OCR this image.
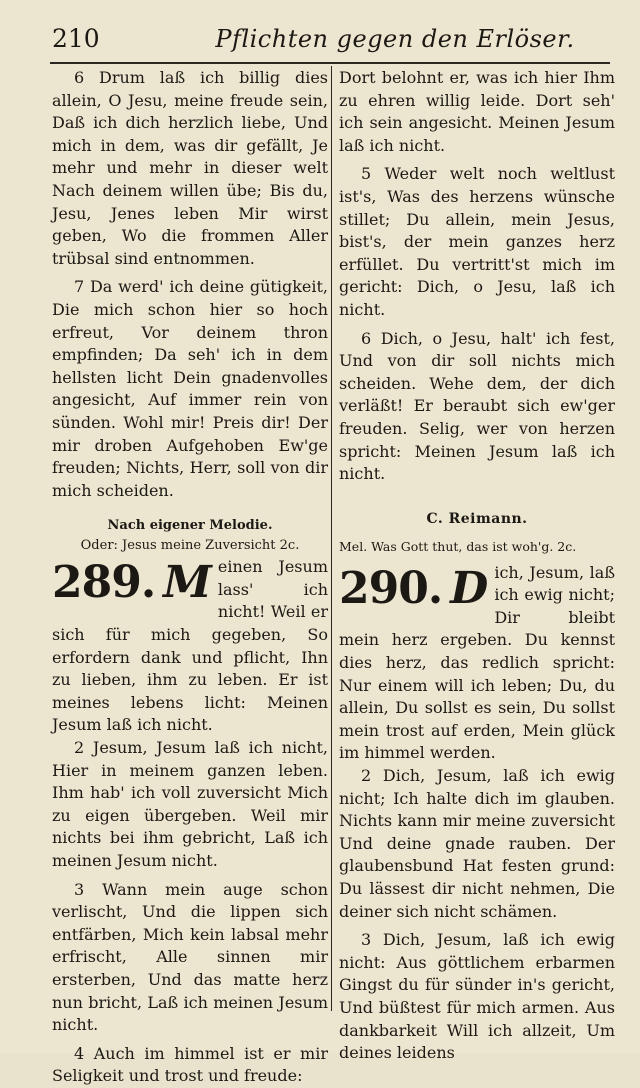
210	Pflichten gegen den Erlöser.

6 Drum laß ich billig dies allein, O Jesu, meine freude sein, Daß ich dich herzlich liebe, Und mich in dem, was dir gefällt, Je mehr und mehr in dieser welt Nach deinem willen übe; Bis du, Jesu, Jenes leben Mir wirst geben, Wo die frommen Aller trübsal sind entnommen.

7 Da werd' ich deine gütigkeit, Die mich schon hier so hoch erfreut, Vor deinem thron empfinden; Da seh' ich in dem hellsten licht Dein gnadenvolles angesicht, Auf immer rein von sünden. Wohl mir! Preis dir! Der mir droben Aufgehoben Ew'ge freuden; Nichts, Herr, soll von dir mich scheiden.

Nach eigener Melodie.

Oder: Jesus meine Zuversicht 2c.

289. M einen Jesum lass' ich nicht! Weil er sich für mich gegeben, So erfordern dank und pflicht, Ihn zu lieben, ihm zu leben. Er ist meines lebens licht: Meinen Jesum laß ich nicht.

2 Jesum, Jesum laß ich nicht, Hier in meinem ganzen leben. Ihm hab' ich voll zuversicht Mich zu eigen übergeben. Weil mir nichts bei ihm gebricht, Laß ich meinen Jesum nicht.

3 Wann mein auge schon verlischt, Und die lippen sich entfärben, Mich kein labsal mehr erfrischt, Alle sinnen mir ersterben, Und das matte herz nun bricht, Laß ich meinen Jesum nicht.

4 Auch im himmel ist er mir Seligkeit und trost und freude:

Dort belohnt er, was ich hier Ihm zu ehren willig leide. Dort seh' ich sein angesicht. Meinen Jesum laß ich nicht.

5 Weder welt noch weltlust ist's, Was des herzens wünsche stillet; Du allein, mein Jesus, bist's, der mein ganzes herz erfüllet. Du vertritt'st mich im gericht: Dich, o Jesu, laß ich nicht.

6 Dich, o Jesu, halt' ich fest, Und von dir soll nichts mich scheiden. Wehe dem, der dich verläßt! Er beraubt sich ew'ger freuden. Selig, wer von herzen spricht: Meinen Jesum laß ich nicht.

C. Reimann.

Mel. Was Gott thut, das ist woh'g. 2c.

290. D ich, Jesum, laß ich ewig nicht; Dir bleibt mein herz ergeben. Du kennst dies herz, das redlich spricht: Nur einem will ich leben; Du, du allein, Du sollst es sein, Du sollst mein trost auf erden, Mein glück im himmel werden.

2 Dich, Jesum, laß ich ewig nicht; Ich halte dich im glauben. Nichts kann mir meine zuversicht Und deine gnade rauben. Der glaubensbund Hat festen grund: Du lässest dir nicht nehmen, Die deiner sich nicht schämen.

3 Dich, Jesum, laß ich ewig nicht: Aus göttlichem erbarmen Gingst du für sünder in's gericht, Und büßtest für mich armen. Aus dankbarkeit Will ich allzeit, Um deines leidens
